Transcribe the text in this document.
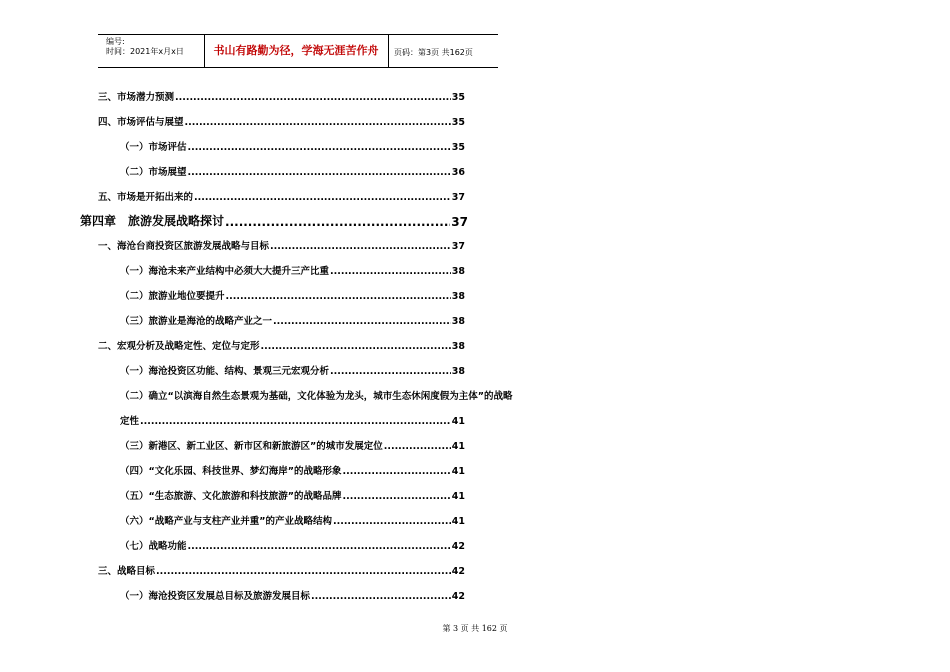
编号:
时间：2021年x月x日	书山有路勤为径，学海无涯苦作舟	页码：第3页 共162页
三、市场潜力预测 .....	35
四、市场评估与展望 .....	35
（一）市场评估 .....	35
（二）市场展望 .....	36
五、市场是开拓出来的 .....	37
第四章　旅游发展战略探讨 .....	37
一、海沧台商投资区旅游发展战略与目标 .....	37
（一）海沧未来产业结构中必须大大提升三产比重 .....	38
（二）旅游业地位要提升 .....	38
（三）旅游业是海沧的战略产业之一 .....	38
二、宏观分析及战略定性、定位与定形 .....	38
（一）海沧投资区功能、结构、景观三元宏观分析 .....	38
（二）确立“以滨海自然生态景观为基础，文化体验为龙头，城市生态休闲度假为主体”的战略
定性 .....	41
（三）新港区、新工业区、新市区和新旅游区”的城市发展定位 .....	41
（四）“文化乐园、科技世界、梦幻海岸”的战略形象 .....	41
（五）“生态旅游、文化旅游和科技旅游”的战略品牌 .....	41
（六）“战略产业与支柱产业并重”的产业战略结构 .....	41
（七）战略功能 .....	42
三、战略目标 .....	42
（一）海沧投资区发展总目标及旅游发展目标 .....	42
第 3 页 共 162 页
